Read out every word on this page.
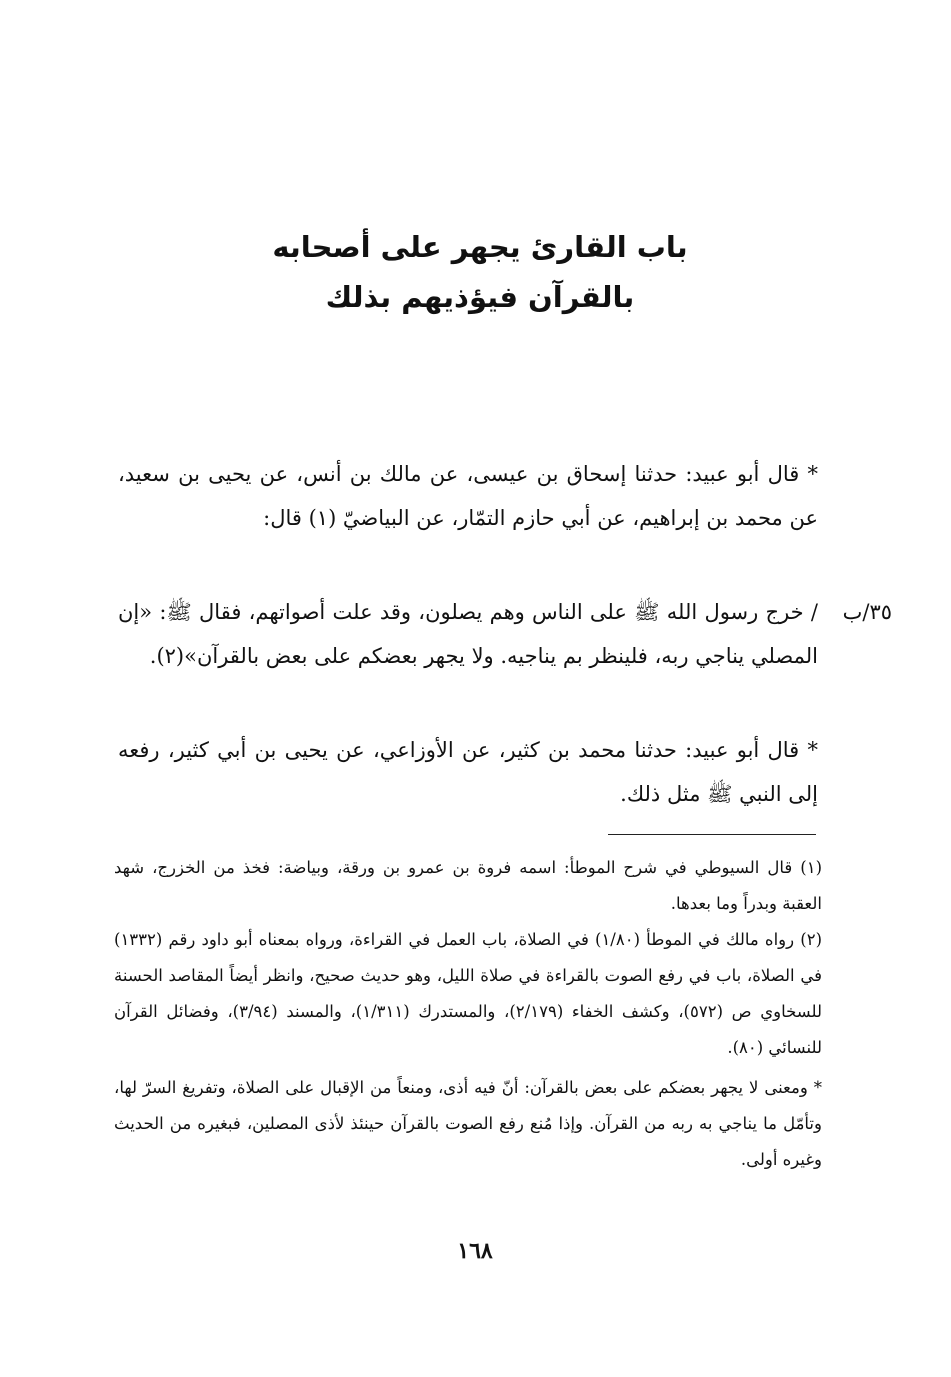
باب القارئ يجهر على أصحابه
بالقرآن فيؤذيهم بذلك
* قال أبو عبيد: حدثنا إسحاق بن عيسى، عن مالك بن أنس، عن يحيى بن سعيد، عن محمد بن إبراهيم، عن أبي حازم التمّار، عن البياضيّ (١) قال:
٣٥/ب
/ خرج رسول الله ﷺ على الناس وهم يصلون، وقد علت أصواتهم، فقال ﷺ: «إن المصلي يناجي ربه، فلينظر بم يناجيه. ولا يجهر بعضكم على بعض بالقرآن»(٢).
* قال أبو عبيد: حدثنا محمد بن كثير، عن الأوزاعي، عن يحيى بن أبي كثير، رفعه إلى النبي ﷺ مثل ذلك.

(١) قال السيوطي في شرح الموطأ: اسمه فروة بن عمرو بن ورقة، وبياضة: فخذ من الخزرج، شهد العقبة وبدراً وما بعدها.

(٢) رواه مالك في الموطأ (١/٨٠) في الصلاة، باب العمل في القراءة، ورواه بمعناه أبو داود رقم (١٣٣٢) في الصلاة، باب في رفع الصوت بالقراءة في صلاة الليل، وهو حديث صحيح، وانظر أيضاً المقاصد الحسنة للسخاوي ص (٥٧٢)، وكشف الخفاء (٢/١٧٩)، والمستدرك (١/٣١١)، والمسند (٣/٩٤)، وفضائل القرآن للنسائي (٨٠).

* ومعنى لا يجهر بعضكم على بعض بالقرآن: أنّ فيه أذى، ومنعاً من الإقبال على الصلاة، وتفريغ السرّ لها، وتأمّل ما يناجي به ربه من القرآن. وإذا مُنع رفع الصوت بالقرآن حينئذ لأذى المصلين، فبغيره من الحديث وغيره أولى.

١٦٨
